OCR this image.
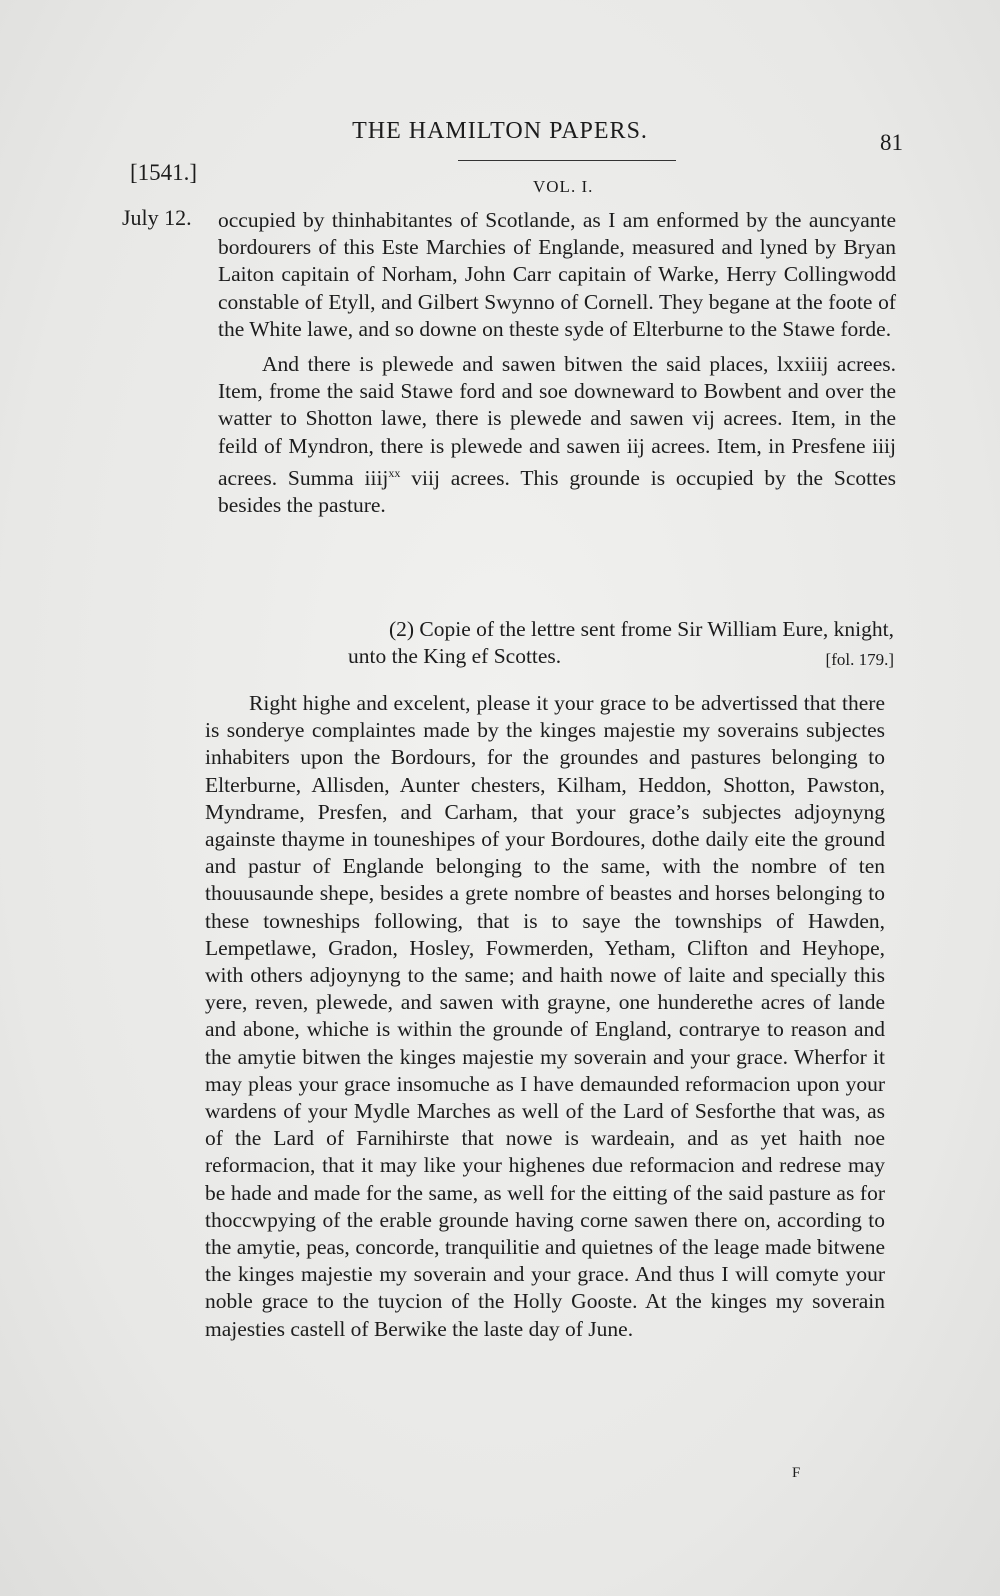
THE HAMILTON PAPERS.	81
[1541.]
VOL. I.
July 12. occupied by thinhabitantes of Scotlande, as I am enformed by the auncyante bordourers of this Este Marchies of Englande, measured and lyned by Bryan Laiton capitain of Norham, John Carr capitain of Warke, Herry Collingwodd constable of Etyll, and Gilbert Swynno of Cornell. They begane at the foote of the White lawe, and so downe on theste syde of Elterburne to the Stawe forde.

And there is plewede and sawen bitwen the said places, lxxiiij acrees. Item, frome the said Stawe ford and soe downeward to Bowbent and over the watter to Shotton lawe, there is plewede and sawen vij acrees. Item, in the feild of Myndron, there is plewede and sawen iij acrees. Item, in Presfene iiij acrees. Summa iiij$^{xx}$ viij acrees. This grounde is occupied by the Scottes besides the pasture.

(2) Copie of the lettre sent frome Sir William Eure, knight,
unto the King ef Scottes.	[fol. 179.]

Right highe and excelent, please it your grace to be advertissed that there is sonderye complaintes made by the kinges majestie my soverains subjectes inhabiters upon the Bordours, for the groundes and pastures belonging to Elterburne, Allisden, Aunter chesters, Kilham, Heddon, Shotton, Pawston, Myndrame, Presfen, and Carham, that your grace’s subjectes adjoynyng againste thayme in touneshipes of your Bordoures, dothe daily eite the ground and pastur of Englande belonging to the same, with the nombre of ten thouusaunde shepe, besides a grete nombre of beastes and horses belonging to these towneships following, that is to saye the townships of Hawden, Lempetlawe, Gradon, Hosley, Fowmerden, Yetham, Clifton and Heyhope, with others adjoynyng to the same; and haith nowe of laite and specially this yere, reven, plewede, and sawen with grayne, one hunderethe acres of lande and abone, whiche is within the grounde of England, contrarye to reason and the amytie bitwen the kinges majestie my soverain and your grace. Wherfor it may pleas your grace insomuche as I have demaunded reformacion upon your wardens of your Mydle Marches as well of the Lard of Sesforthe that was, as of the Lard of Farnihirste that nowe is wardeain, and as yet haith noe reformacion, that it may like your highenes due reformacion and redrese may be hade and made for the same, as well for the eitting of the said pasture as for thoccwpying of the erable grounde having corne sawen there on, according to the amytie, peas, concorde, tranquilitie and quietnes of the leage made bitwene the kinges majestie my soverain and your grace. And thus I will comyte your noble grace to the tuycion of the Holly Gooste. At the kinges my soverain majesties castell of Berwike the laste day of June.

F
